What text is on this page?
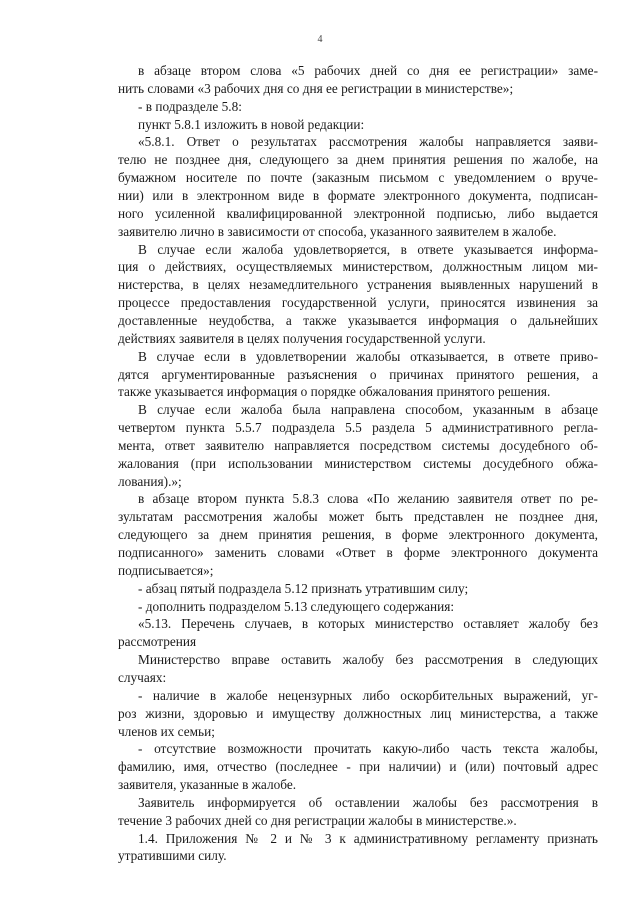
4
в абзаце втором слова «5 рабочих дней со дня ее регистрации» заме-
нить словами «3 рабочих дня со дня ее регистрации в министерстве»;
- в подразделе 5.8:
пункт 5.8.1 изложить в новой редакции:
«5.8.1. Ответ о результатах рассмотрения жалобы направляется заяви-
телю не позднее дня, следующего за днем принятия решения по жалобе, на
бумажном носителе по почте (заказным письмом с уведомлением о вруче-
нии) или в электронном виде в формате электронного документа, подписан-
ного усиленной квалифицированной электронной подписью, либо выдается
заявителю лично в зависимости от способа, указанного заявителем в жалобе.
В случае если жалоба удовлетворяется, в ответе указывается информа-
ция о действиях, осуществляемых министерством, должностным лицом ми-
нистерства, в целях незамедлительного устранения выявленных нарушений в
процессе предоставления государственной услуги, приносятся извинения за
доставленные неудобства, а также указывается информация о дальнейших
действиях заявителя в целях получения государственной услуги.
В случае если в удовлетворении жалобы отказывается, в ответе приво-
дятся аргументированные разъяснения о причинах принятого решения, а
также указывается информация о порядке обжалования принятого решения.
В случае если жалоба была направлена способом, указанным в абзаце
четвертом пункта 5.5.7 подраздела 5.5 раздела 5 административного регла-
мента, ответ заявителю направляется посредством системы досудебного об-
жалования (при использовании министерством системы досудебного обжа-
лования).»;
в абзаце втором пункта 5.8.3 слова «По желанию заявителя ответ по ре-
зультатам рассмотрения жалобы может быть представлен не позднее дня,
следующего за днем принятия решения, в форме электронного документа,
подписанного» заменить словами «Ответ в форме электронного документа
подписывается»;
- абзац пятый подраздела 5.12 признать утратившим силу;
- дополнить подразделом 5.13 следующего содержания:
«5.13. Перечень случаев, в которых министерство оставляет жалобу без
рассмотрения
Министерство вправе оставить жалобу без рассмотрения в следующих
случаях:
- наличие в жалобе нецензурных либо оскорбительных выражений, уг-
роз жизни, здоровью и имуществу должностных лиц министерства, а также
членов их семьи;
- отсутствие возможности прочитать какую-либо часть текста жалобы,
фамилию, имя, отчество (последнее - при наличии) и (или) почтовый адрес
заявителя, указанные в жалобе.
Заявитель информируется об оставлении жалобы без рассмотрения в
течение 3 рабочих дней со дня регистрации жалобы в министерстве.».
1.4. Приложения № 2 и № 3 к административному регламенту признать
утратившими силу.
